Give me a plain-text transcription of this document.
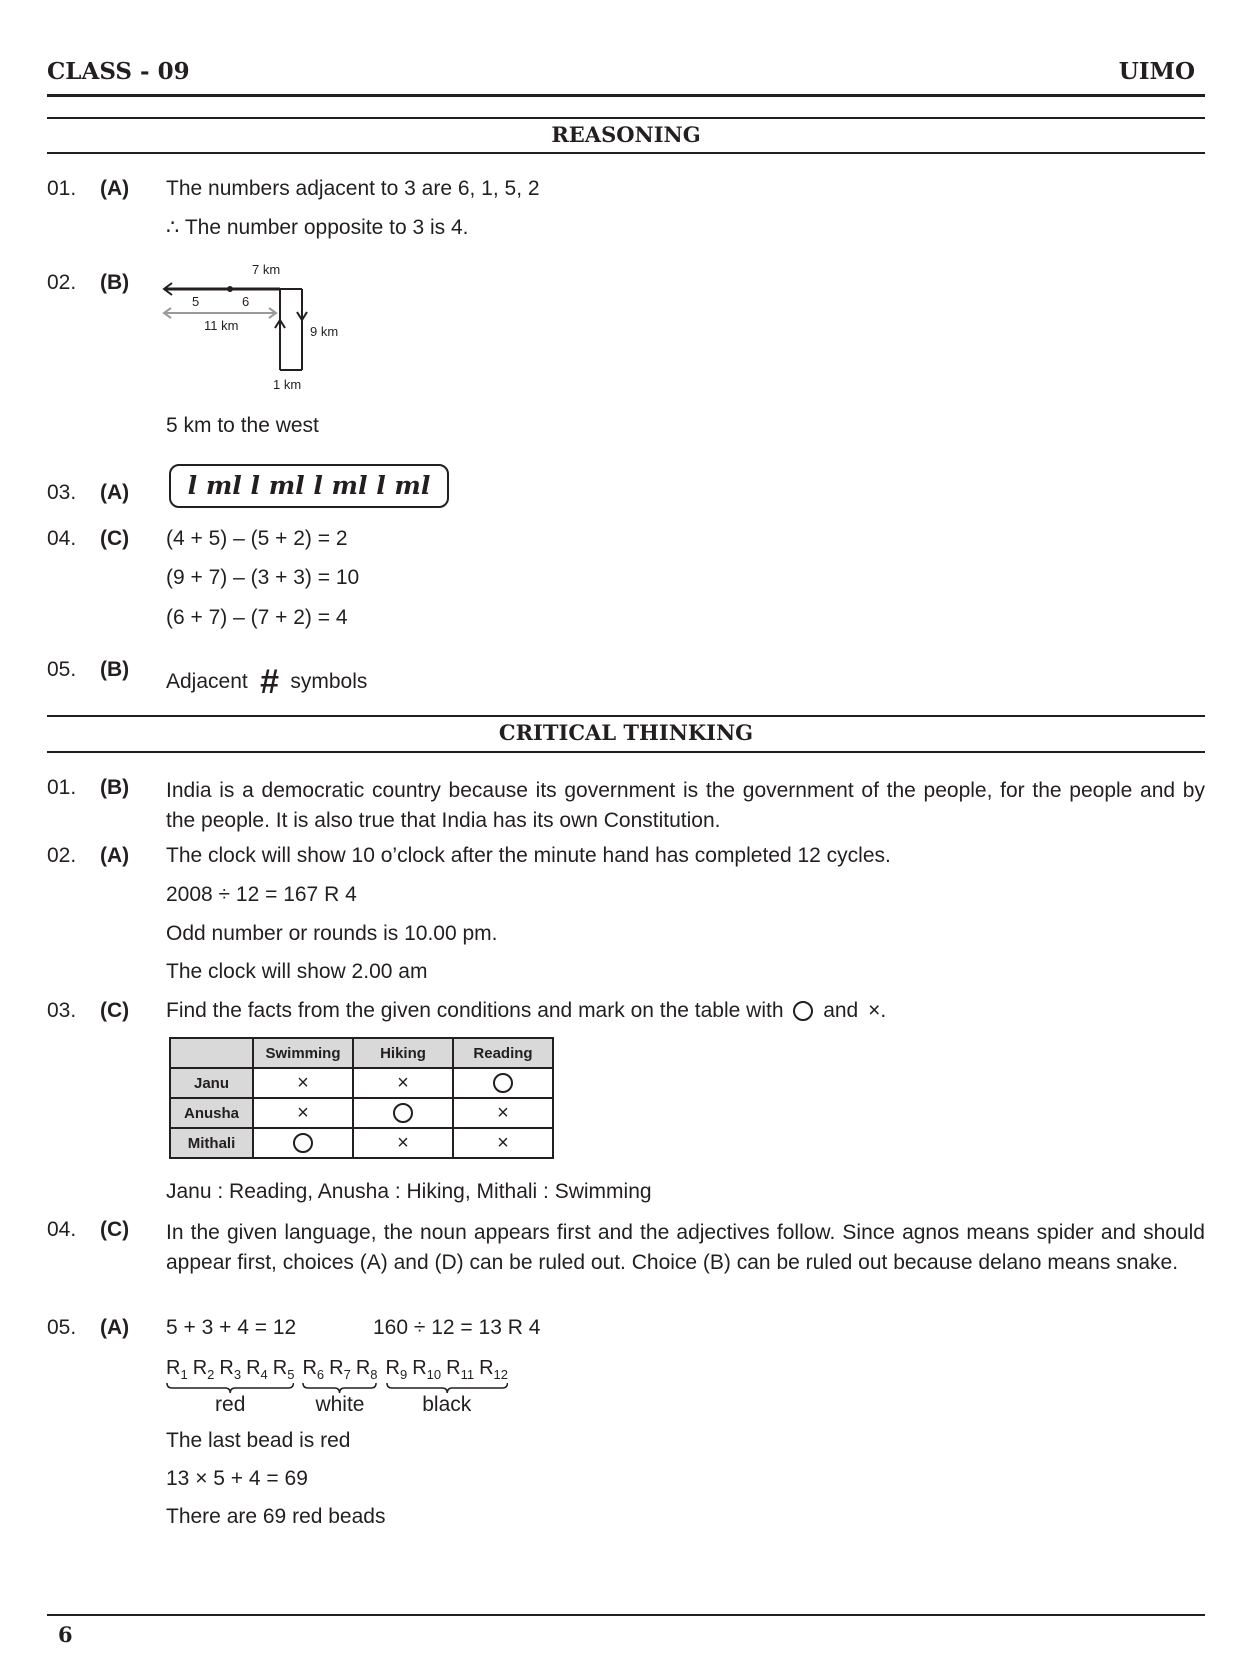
CLASS - 09	UIMO
REASONING
01. (A) The numbers adjacent to 3 are 6, 1, 5, 2
∴ The number opposite to 3 is 4.
02. (B)
7 km
5	6
11 km	9 km
1 km
5 km to the west
03. (A)	l ml l ml l ml l ml
04. (C) (4 + 5) – (5 + 2) = 2
(9 + 7) – (3 + 3) = 10
(6 + 7) – (7 + 2) = 4
05. (B)
Adjacent # symbols
CRITICAL THINKING
01. (B) India is a democratic country because its government is the government of the people, for the people and by the people. It is also true that India has its own Constitution.
02. (A) The clock will show 10 o’clock after the minute hand has completed 12 cycles.
2008 ÷ 12 = 167 R 4
Odd number or rounds is 10.00 pm.
The clock will show 2.00 am
03. (C) Find the facts from the given conditions and mark on the table with and ×.
	Swimming	Hiking	Reading
Janu	×	×	
Anusha	×		×
Mithali		×	×
Janu : Reading, Anusha : Hiking, Mithali : Swimming
04. (C) In the given language, the noun appears first and the adjectives follow. Since agnos means spider and should appear first, choices (A) and (D) can be ruled out. Choice (B) can be ruled out because delano means snake.
05. (A) 5 + 3 + 4 = 12	160 ÷ 12 = 13 R 4
$R_1$ $R_2$ $R_3$ $R_4$ $R_5$
red
$R_6$ $R_7$ $R_8$
white
$R_9$ $R_{10}$ $R_{11}$ $R_{12}$
black
The last bead is red
13 × 5 + 4 = 69
There are 69 red beads
6
